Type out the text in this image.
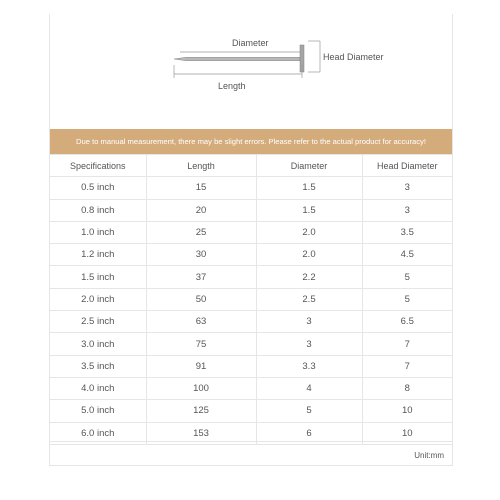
Diameter
Head Diameter
Length
Due to manual measurement, there may be slight errors. Please refer to the actual product for accuracy!
Specifications	Length	Diameter	Head Diameter
0.5 inch	15	1.5	3
0.8 inch	20	1.5	3
1.0 inch	25	2.0	3.5
1.2 inch	30	2.0	4.5
1.5 inch	37	2.2	5
2.0 inch	50	2.5	5
2.5 inch	63	3	6.5
3.0 inch	75	3	7
3.5 inch	91	3.3	7
4.0 inch	100	4	8
5.0 inch	125	5	10
6.0 inch	153	6	10
Unit:mm
